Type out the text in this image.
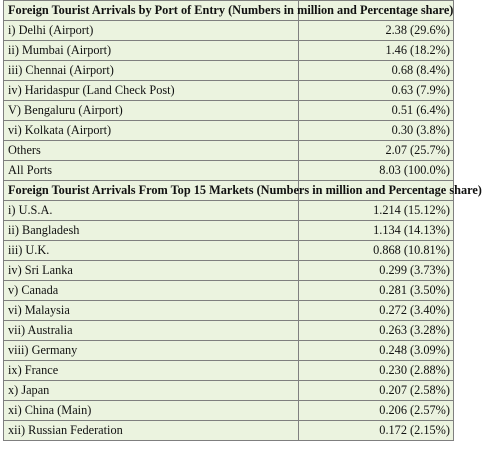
Foreign Tourist Arrivals by Port of Entry (Numbers in million and Percentage share)	
i) Delhi (Airport)	2.38 (29.6%)
ii) Mumbai (Airport)	1.46 (18.2%)
iii) Chennai (Airport)	0.68 (8.4%)
iv) Haridaspur (Land Check Post)	0.63 (7.9%)
V) Bengaluru (Airport)	0.51 (6.4%)
vi) Kolkata (Airport)	0.30 (3.8%)
Others	2.07 (25.7%)
All Ports	8.03 (100.0%)
Foreign Tourist Arrivals From Top 15 Markets (Numbers in million and Percentage share)	
i) U.S.A.	1.214 (15.12%)
ii) Bangladesh	1.134 (14.13%)
iii) U.K.	0.868 (10.81%)
iv) Sri Lanka	0.299 (3.73%)
v) Canada	0.281 (3.50%)
vi) Malaysia	0.272 (3.40%)
vii) Australia	0.263 (3.28%)
viii) Germany	0.248 (3.09%)
ix) France	0.230 (2.88%)
x) Japan	0.207 (2.58%)
xi) China (Main)	0.206 (2.57%)
xii) Russian Federation	0.172 (2.15%)
